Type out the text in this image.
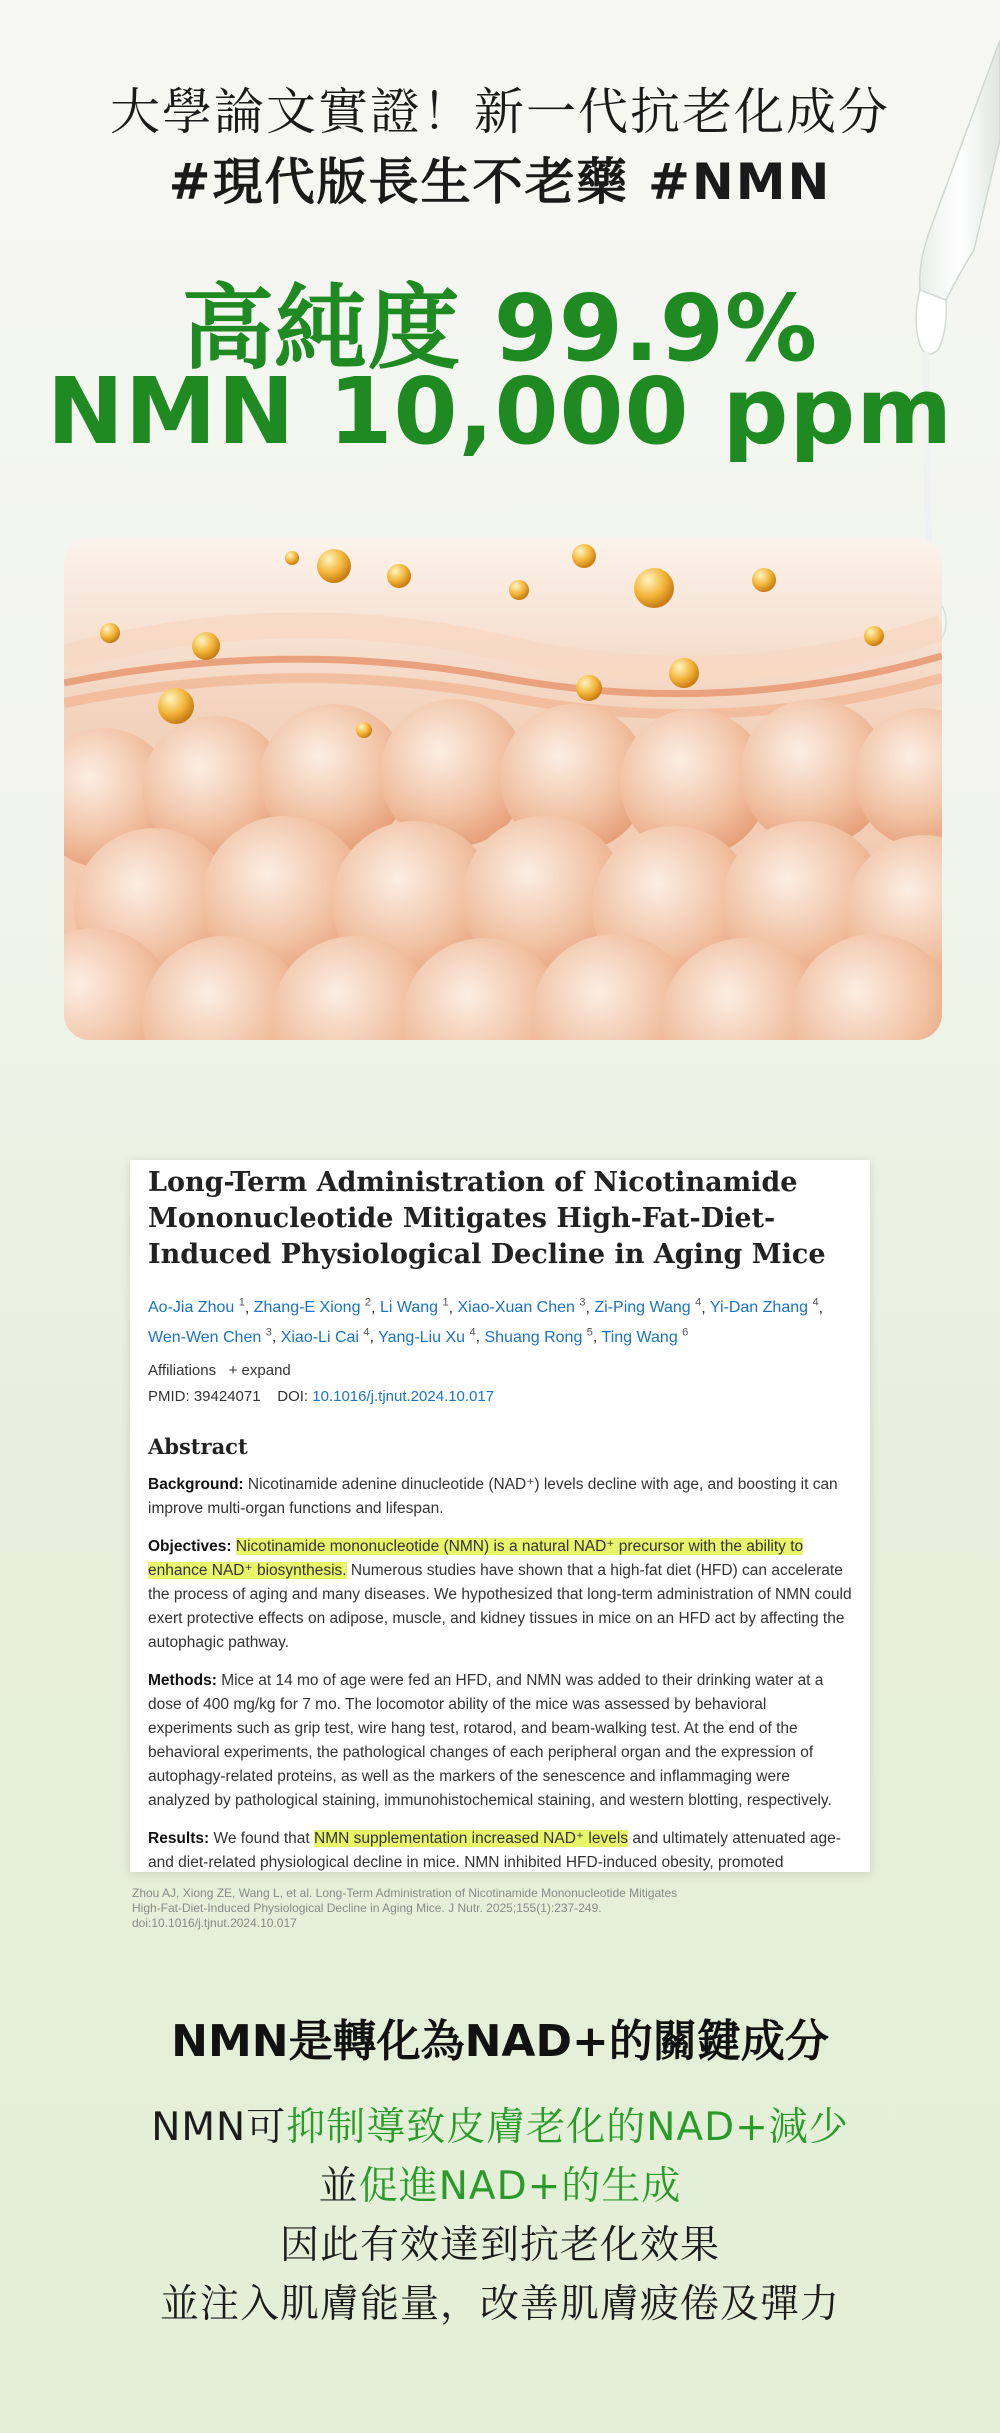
大學論文實證！新一代抗老化成分
#現代版長生不老藥 #NMN
高純度 99.9%
NMN 10,000 ppm
Long-Term Administration of Nicotinamide Mononucleotide Mitigates High-Fat-Diet-Induced Physiological Decline in Aging Mice
Ao-Jia Zhou $^1$, Zhang-E Xiong $^2$, Li Wang $^1$, Xiao-Xuan Chen $^3$, Zi-Ping Wang $^4$, Yi-Dan Zhang $^4$, Wen-Wen Chen $^3$, Xiao-Li Cai $^4$, Yang-Liu Xu $^4$, Shuang Rong $^5$, Ting Wang $^6$
Affiliations + expand
PMID: 39424071 DOI: 10.1016/j.tjnut.2024.10.017
Abstract
Background: Nicotinamide adenine dinucleotide (NAD⁺) levels decline with age, and boosting it can improve multi-organ functions and lifespan.
Objectives: Nicotinamide mononucleotide (NMN) is a natural NAD⁺ precursor with the ability to enhance NAD⁺ biosynthesis. Numerous studies have shown that a high-fat diet (HFD) can accelerate the process of aging and many diseases. We hypothesized that long-term administration of NMN could exert protective effects on adipose, muscle, and kidney tissues in mice on an HFD act by affecting the autophagic pathway.
Methods: Mice at 14 mo of age were fed an HFD, and NMN was added to their drinking water at a dose of 400 mg/kg for 7 mo. The locomotor ability of the mice was assessed by behavioral experiments such as grip test, wire hang test, rotarod, and beam-walking test. At the end of the behavioral experiments, the pathological changes of each peripheral organ and the expression of autophagy-related proteins, as well as the markers of the senescence and inflammaging were analyzed by pathological staining, immunohistochemical staining, and western blotting, respectively.
Results: We found that NMN supplementation increased NAD⁺ levels and ultimately attenuated age- and diet-related physiological decline in mice. NMN inhibited HFD-induced obesity, promoted
Zhou AJ, Xiong ZE, Wang L, et al. Long-Term Administration of Nicotinamide Mononucleotide Mitigates High-Fat-Diet-Induced Physiological Decline in Aging Mice. J Nutr. 2025;155(1):237-249. doi:10.1016/j.tjnut.2024.10.017
NMN是轉化為NAD+的關鍵成分
NMN可抑制導致皮膚老化的NAD+減少
並促進NAD+的生成
因此有效達到抗老化效果
並注入肌膚能量，改善肌膚疲倦及彈力
